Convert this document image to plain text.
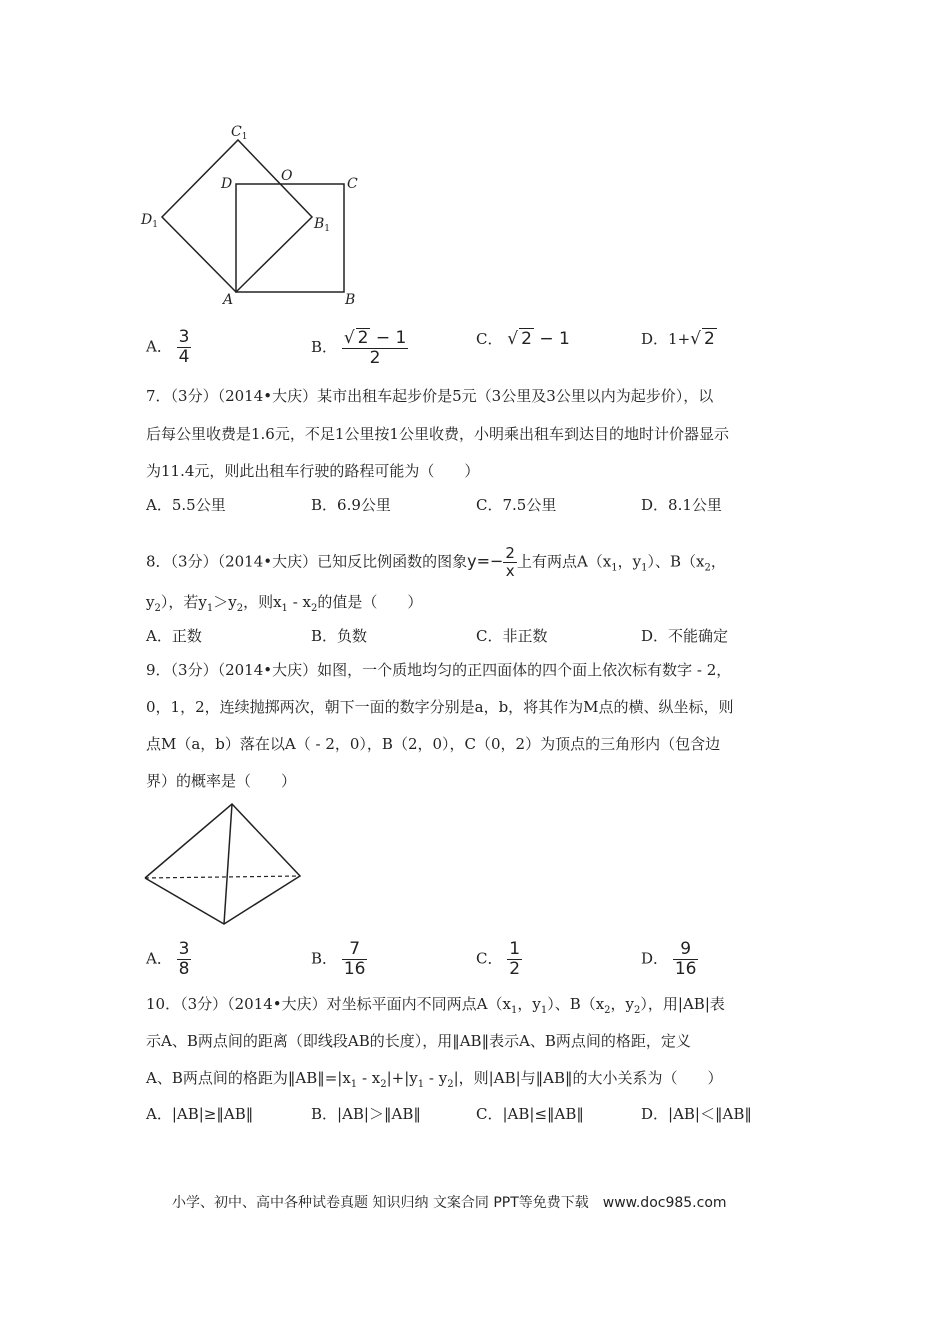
$C_1$
O
D	C
$D_1$	$B_1$
A	B
A． $\frac{3}{4}$	B． $\frac{√ 2 - 1}{2}$	C． √ 2 − 1	D．1+√ 2
7．（3分）（2014•大庆）某市出租车起步价是5元（3公里及3公里以内为起步价），以
后每公里收费是1.6元，不足1公里按1公里收费，小明乘出租车到达目的地时计价器显示
为11.4元，则此出租车行驶的路程可能为（　　）
A．5.5公里	B．6.9公里	C．7.5公里	D．8.1公里
8．（3分）（2014•大庆）已知反比例函数的图象$y=- \frac{2}{x}$ 上有两点$A(x_1$，$y_1$）、$B(x_2$，
$y_2$），若$y_1>y_2$，则$x_1 - x_2$的值是（　　）
A．正数	B．负数	C．非正数	D．不能确定
9．（3分）（2014•大庆）如图，一个质地均匀的正四面体的四个面上依次标有数字 - 2，
0，1，2，连续抛掷两次，朝下一面的数字分别是a，b，将其作为M点的横、纵坐标，则
点M（a，b）落在以A（ - 2，0），B（2，0），C（0，2）为顶点的三角形内（包含边
界）的概率是（　　）
A． $\frac{3}{8}$	B． $\frac{7}{16}$	C． $\frac{1}{2}$	D． $\frac{9}{16}$
10．（3分）（2014•大庆）对坐标平面内不同两点$A(x_1$，$y_1$）、$B(x_2$，$y_2$），用|AB|表
示A、B两点间的距离（即线段AB的长度），用‖AB‖表示A、B两点间的格距，定义
A、B两点间的格距为$‖AB‖=|x_1 - x_2|+|y_1 - y_2|$，则|AB|与‖AB‖的大小关系为（　　）
A．|AB|≥‖AB‖	B．|AB|＞‖AB‖	C．|AB|≤‖AB‖	D．|AB|＜‖AB‖
小学、初中、高中各种试卷真题 知识归纳 文案合同 PPT等免费下载　www.doc985.com
